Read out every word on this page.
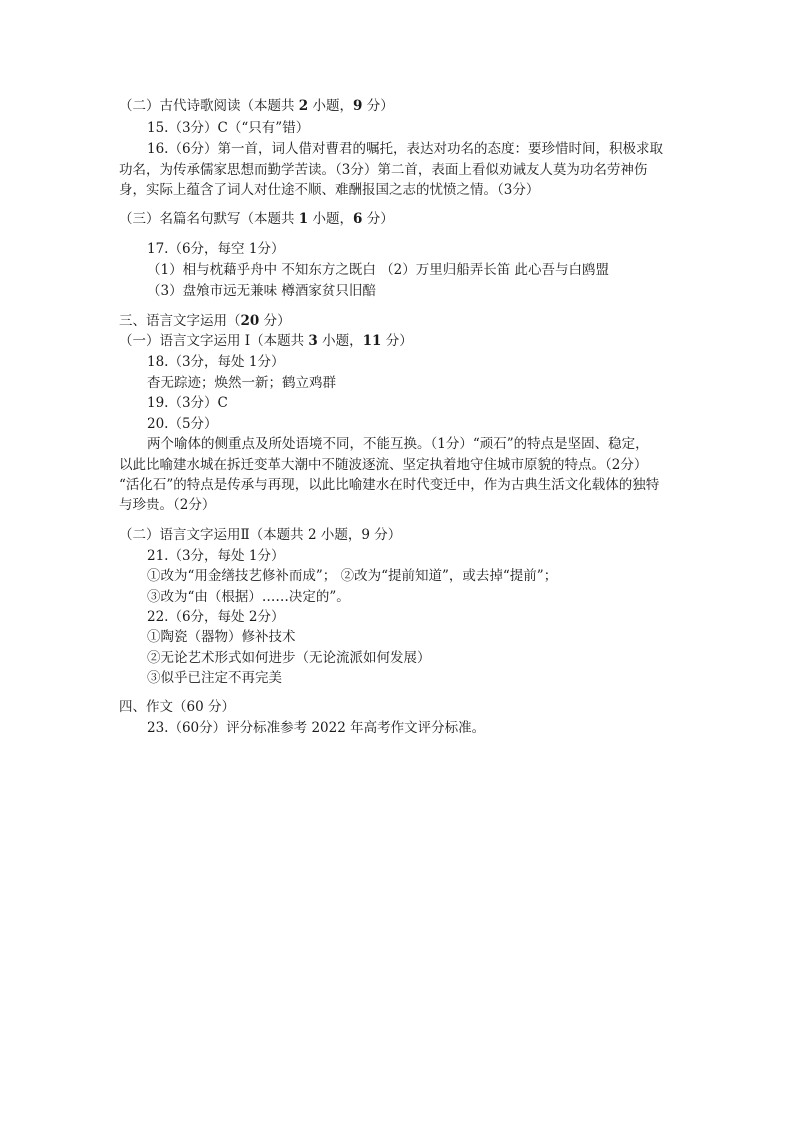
（二）古代诗歌阅读（本题共 2 小题，9 分）
15.（3分）C（“只有”错）
16.（6分）第一首，词人借对曹君的嘱托，表达对功名的态度：要珍惜时间，积极求取
功名，为传承儒家思想而勤学苦读。（3分）第二首，表面上看似劝诫友人莫为功名劳神伤
身，实际上蕴含了词人对仕途不顺、难酬报国之志的忧愤之情。（3分）
（三）名篇名句默写（本题共 1 小题，6 分）
17.（6分，每空 1分）
（1）相与枕藉乎舟中 不知东方之既白 （2）万里归船弄长笛 此心吾与白鸥盟
（3）盘飧市远无兼味 樽酒家贫只旧醅
三、语言文字运用（20 分）
（一）语言文字运用 I（本题共 3 小题，11 分）
18.（3分，每处 1分）
杳无踪迹；焕然一新；鹤立鸡群
19.（3分）C
20.（5分）
两个喻体的侧重点及所处语境不同，不能互换。（1分）“顽石”的特点是坚固、稳定，
以此比喻建水城在拆迁变革大潮中不随波逐流、坚定执着地守住城市原貌的特点。（2分）
“活化石”的特点是传承与再现，以此比喻建水在时代变迁中，作为古典生活文化载体的独特
与珍贵。（2分）
（二）语言文字运用Ⅱ（本题共 2 小题，9 分）
21.（3分，每处 1分）
①改为“用金缮技艺修补而成”； ②改为“提前知道”，或去掉“提前”；
③改为“由（根据）……决定的”。
22.（6分，每处 2分）
①陶瓷（器物）修补技术
②无论艺术形式如何进步（无论流派如何发展）
③似乎已注定不再完美
四、作文（60 分）
23.（60分）评分标准参考 2022 年高考作文评分标准。
